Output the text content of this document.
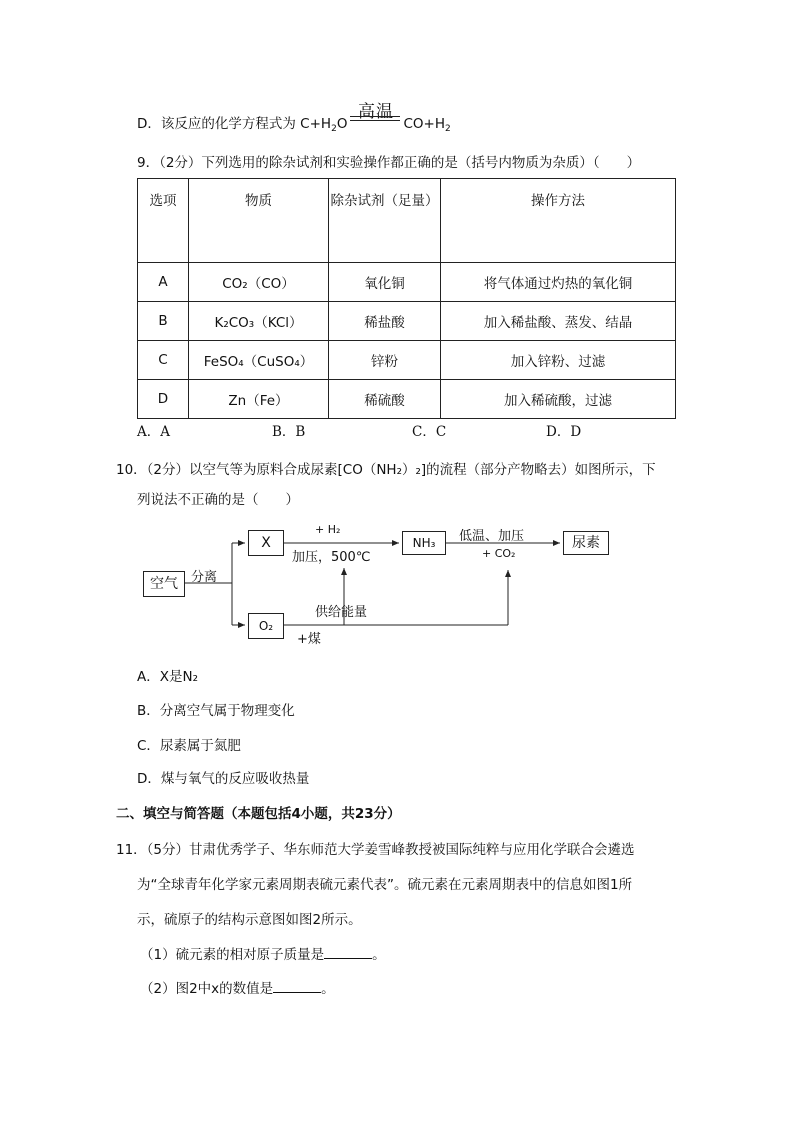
D．该反应的化学方程式为 $C+H_2O$	$CO+H_2$
高温
9．（2分）下列选用的除杂试剂和实验操作都正确的是（括号内物质为杂质）（　　）
选项	物质	除杂试剂（足量）	操作方法
A	CO₂（CO）	氧化铜	将气体通过灼热的氧化铜
B	K₂CO₃（KCl）	稀盐酸	加入稀盐酸、蒸发、结晶
C	FeSO₄（CuSO₄）	锌粉	加入锌粉、过滤
D	Zn（Fe）	稀硫酸	加入稀硫酸，过滤
A．A	B．B	C．C	D．D
10．（2分）以空气等为原料合成尿素[CO（NH₂）₂]的流程（部分产物略去）如图所示，下
列说法不正确的是（　　）
空气	分离
X
O₂
+ H₂
加压，500℃
NH₃	低温、加压
+ CO₂
尿素
供给能量
+煤
A．X是N₂
B．分离空气属于物理变化
C．尿素属于氮肥
D．煤与氧气的反应吸收热量
二、填空与简答题（本题包括4小题，共23分）
11．（5分）甘肃优秀学子、华东师范大学姜雪峰教授被国际纯粹与应用化学联合会遴选
为“全球青年化学家元素周期表硫元素代表”。硫元素在元素周期表中的信息如图1所
示，硫原子的结构示意图如图2所示。
（1）硫元素的相对原子质量是	。
（2）图2中x的数值是	。
